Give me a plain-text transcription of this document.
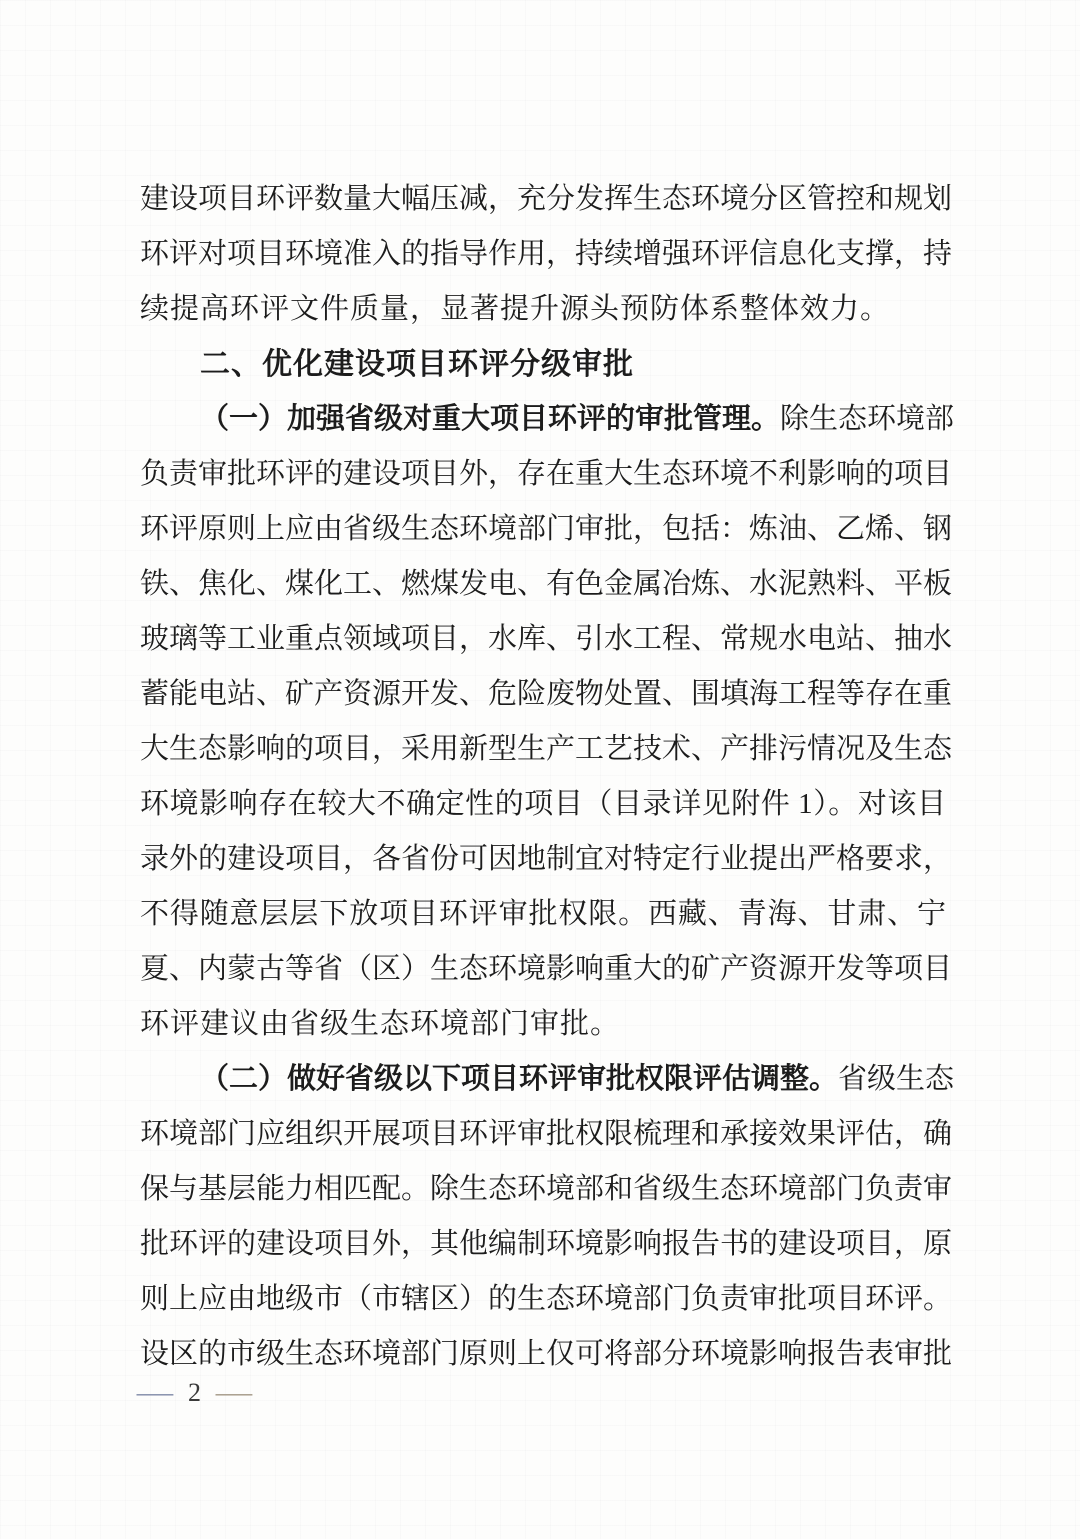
建设项目环评数量大幅压减，充分发挥生态环境分区管控和规划
环评对项目环境准入的指导作用，持续增强环评信息化支撑，持
续提高环评文件质量，显著提升源头预防体系整体效力。
二、优化建设项目环评分级审批
（一）加强省级对重大项目环评的审批管理。除生态环境部
负责审批环评的建设项目外，存在重大生态环境不利影响的项目
环评原则上应由省级生态环境部门审批，包括：炼油、乙烯、钢
铁、焦化、煤化工、燃煤发电、有色金属冶炼、水泥熟料、平板
玻璃等工业重点领域项目，水库、引水工程、常规水电站、抽水
蓄能电站、矿产资源开发、危险废物处置、围填海工程等存在重
大生态影响的项目，采用新型生产工艺技术、产排污情况及生态
环境影响存在较大不确定性的项目（目录详见附件 1）。对该目
录外的建设项目，各省份可因地制宜对特定行业提出严格要求，
不得随意层层下放项目环评审批权限。西藏、青海、甘肃、宁
夏、内蒙古等省（区）生态环境影响重大的矿产资源开发等项目
环评建议由省级生态环境部门审批。
（二）做好省级以下项目环评审批权限评估调整。省级生态
环境部门应组织开展项目环评审批权限梳理和承接效果评估，确
保与基层能力相匹配。除生态环境部和省级生态环境部门负责审
批环评的建设项目外，其他编制环境影响报告书的建设项目，原
则上应由地级市（市辖区）的生态环境部门负责审批项目环评。
设区的市级生态环境部门原则上仅可将部分环境影响报告表审批
— 2 —
